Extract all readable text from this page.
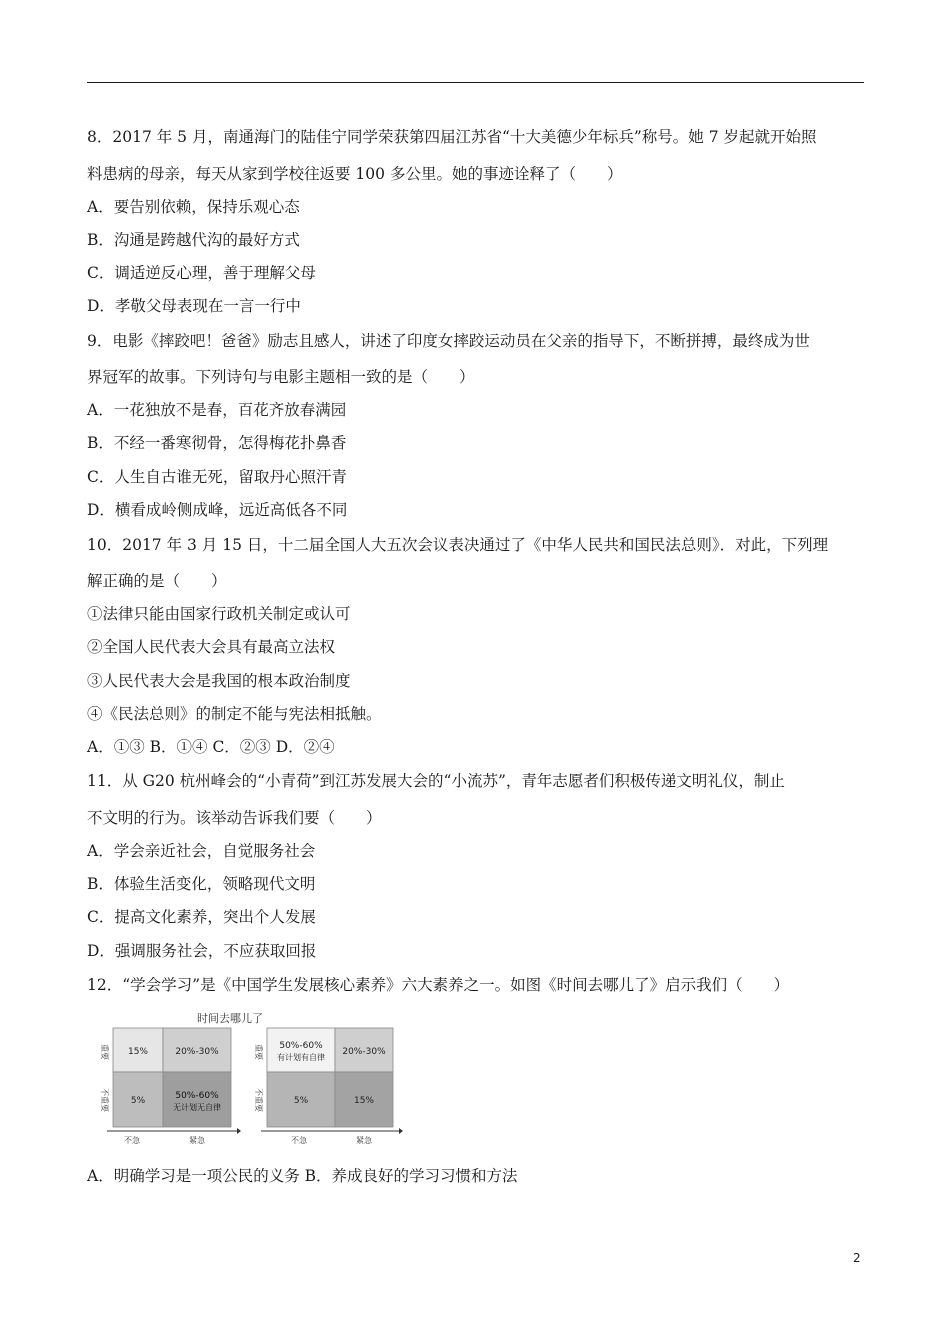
8．2017 年 5 月，南通海门的陆佳宁同学荣获第四届江苏省“十大美德少年标兵”称号。她 7 岁起就开始照
料患病的母亲，每天从家到学校往返要 100 多公里。她的事迹诠释了（　　）
A．要告别依赖，保持乐观心态
B．沟通是跨越代沟的最好方式
C．调适逆反心理，善于理解父母
D．孝敬父母表现在一言一行中
9．电影《摔跤吧！爸爸》励志且感人，讲述了印度女摔跤运动员在父亲的指导下，不断拼搏，最终成为世
界冠军的故事。下列诗句与电影主题相一致的是（　　）
A．一花独放不是春，百花齐放春满园
B．不经一番寒彻骨，怎得梅花扑鼻香
C．人生自古谁无死，留取丹心照汗青
D．横看成岭侧成峰，远近高低各不同
10．2017 年 3 月 15 日，十二届全国人大五次会议表决通过了《中华人民共和国民法总则》．对此，下列理
解正确的是（　　）
①法律只能由国家行政机关制定或认可
②全国人民代表大会具有最高立法权
③人民代表大会是我国的根本政治制度
④《民法总则》的制定不能与宪法相抵触。
A．①③ B．①④ C．②③ D．②④
11．从 G20 杭州峰会的“小青荷”到江苏发展大会的“小流苏”，青年志愿者们积极传递文明礼仪，制止
不文明的行为。该举动告诉我们要（　　）
A．学会亲近社会，自觉服务社会
B．体验生活变化，领略现代文明
C．提高文化素养，突出个人发展
D．强调服务社会，不应获取回报
12．“学会学习”是《中国学生发展核心素养》六大素养之一。如图《时间去哪儿了》启示我们（　　）
时间去哪儿了
15%	20%-30%
5%	50%-60%
无计划无自律
重要
不重要
不急	紧急
50%-60%
有计划有自律
20%-30%
5%	15%
重要
不重要
不急	紧急
A．明确学习是一项公民的义务 B．养成良好的学习习惯和方法
2
